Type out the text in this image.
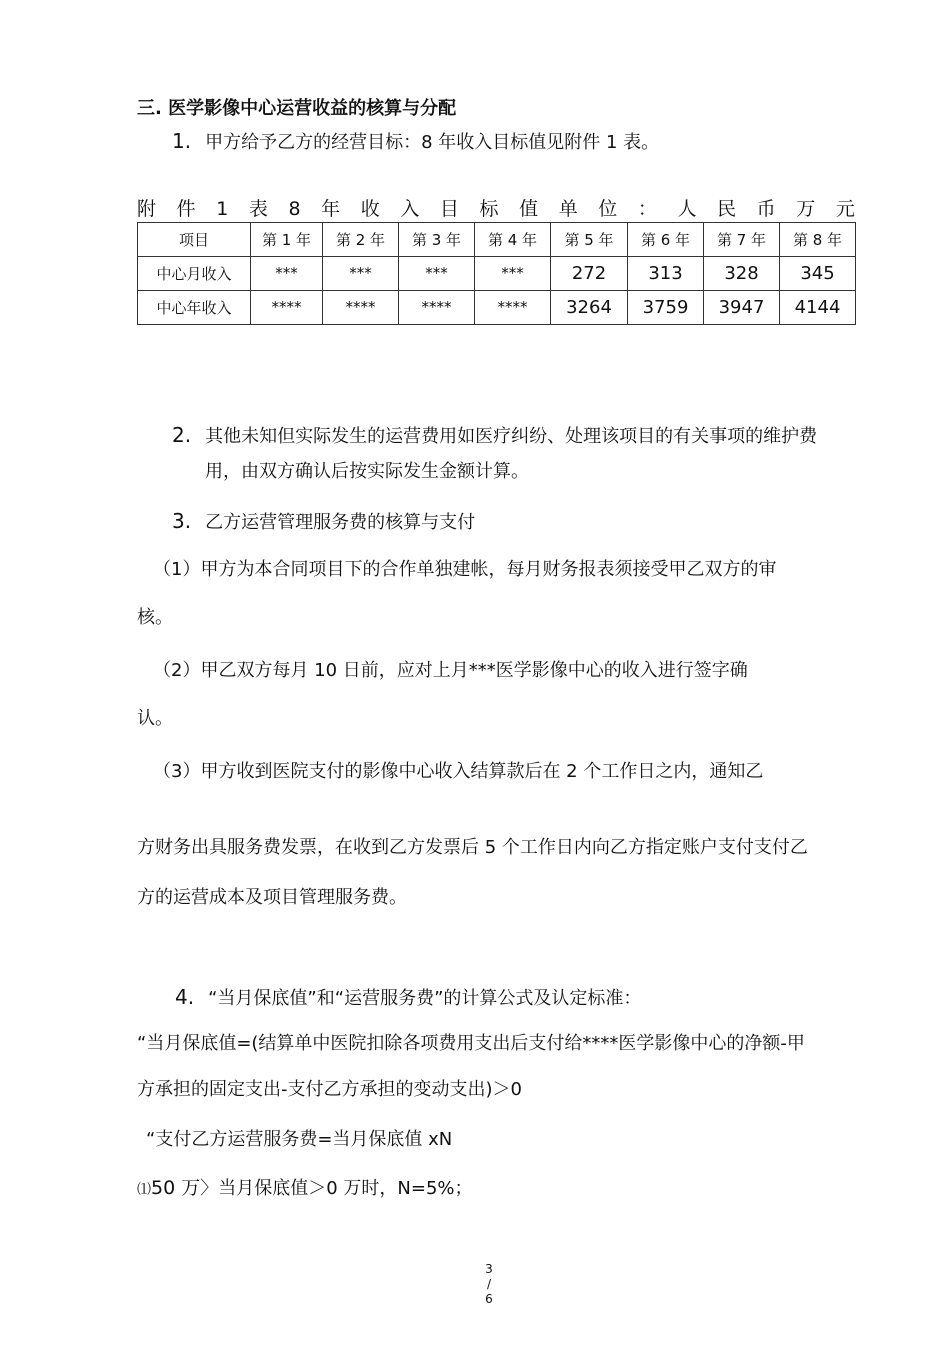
三. 医学影像中心运营收益的核算与分配
1. 甲方给予乙方的经营目标：8 年收入目标值见附件 1 表。
附 件 1 表 8 年 收 入 目 标 值 单 位 ： 人 民 币 万 元
项目	第 1 年	第 2 年	第 3 年	第 4 年	第 5 年	第 6 年	第 7 年	第 8 年
中心月收入	***	***	***	***	272	313	328	345
中心年收入	****	****	****	****	3264	3759	3947	4144
2. 其他未知但实际发生的运营费用如医疗纠纷、处理该项目的有关事项的维护费
用，由双方确认后按实际发生金额计算。
3. 乙方运营管理服务费的核算与支付
（1）甲方为本合同项目下的合作单独建帐，每月财务报表须接受甲乙双方的审
核。
（2）甲乙双方每月 10 日前，应对上月***医学影像中心的收入进行签字确
认。
（3）甲方收到医院支付的影像中心收入结算款后在 2 个工作日之内，通知乙
方财务出具服务费发票，在收到乙方发票后 5 个工作日内向乙方指定账户支付支付乙
方的运营成本及项目管理服务费。
4. “当月保底值”和“运营服务费”的计算公式及认定标准：
“当月保底值=(结算单中医院扣除各项费用支出后支付给****医学影像中心的净额-甲
方承担的固定支出-支付乙方承担的变动支出)＞0
“支付乙方运营服务费=当月保底值 xN
⑴50 万〉当月保底值＞0 万时，N=5%；
3
/
6
